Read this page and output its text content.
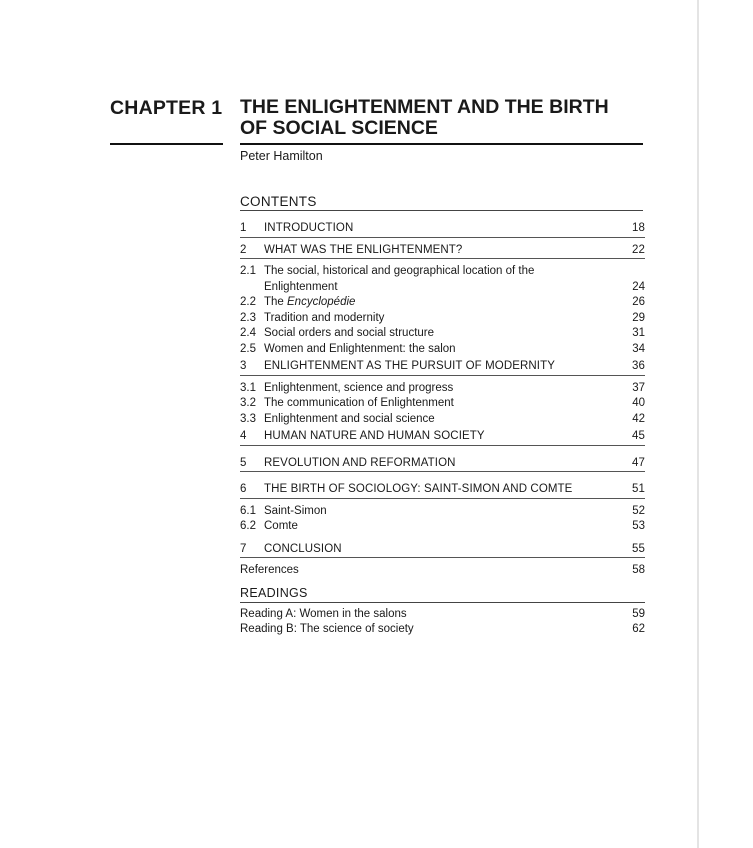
CHAPTER 1 THE ENLIGHTENMENT AND THE BIRTH
OF SOCIAL SCIENCE
Peter Hamilton
CONTENTS
1 INTRODUCTION	18
2 WHAT WAS THE ENLIGHTENMENT?	22
2.1 The social, historical and geographical location of the
Enlightenment	24
2.2 The Encyclopédie	26
2.3 Tradition and modernity	29
2.4 Social orders and social structure	31
2.5 Women and Enlightenment: the salon	34
3 ENLIGHTENMENT AS THE PURSUIT OF MODERNITY	36
3.1 Enlightenment, science and progress	37
3.2 The communication of Enlightenment	40
3.3 Enlightenment and social science	42
4 HUMAN NATURE AND HUMAN SOCIETY	45
5 REVOLUTION AND REFORMATION	47
6 THE BIRTH OF SOCIOLOGY: SAINT-SIMON AND COMTE	51
6.1 Saint-Simon	52
6.2 Comte	53
7 CONCLUSION	55
References	58
READINGS
Reading A: Women in the salons	59
Reading B: The science of society	62
